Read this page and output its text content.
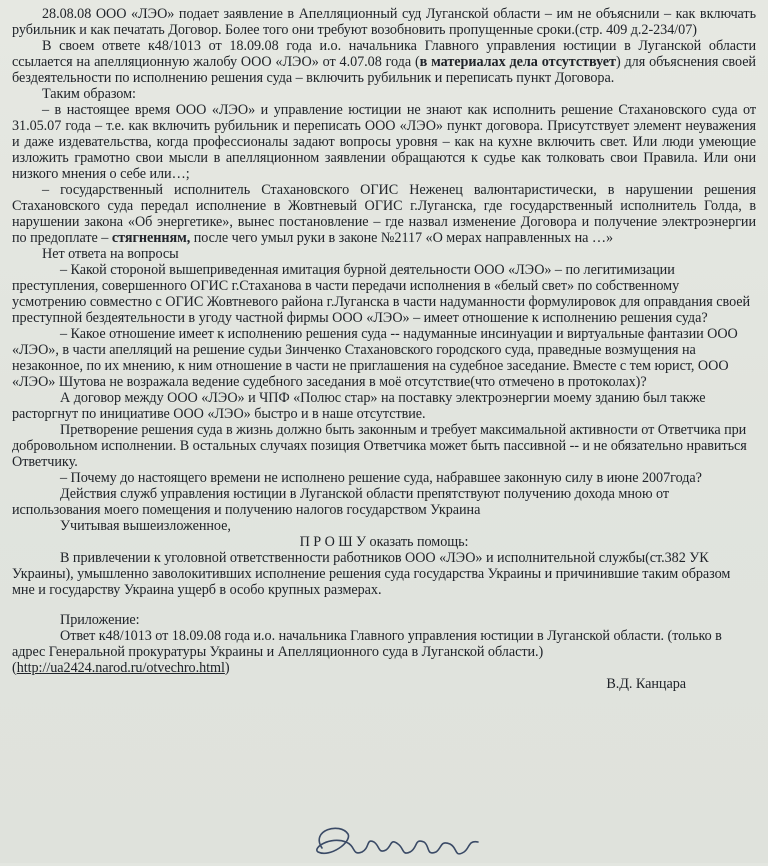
28.08.08 ООО «ЛЭО» подает заявление в Апелляционный суд Луганской области – им не объяснили – как включать рубильник и как печатать Договор. Более того они требуют возобновить пропущенные сроки.(стр. 409 д.2-234/07)

В своем ответе к48/1013 от 18.09.08 года и.о. начальника Главного управления юстиции в Луганской области ссылается на апелляционную жалобу ООО «ЛЭО» от 4.07.08 года (в материалах дела отсутствует) для объяснения своей бездеятельности по исполнению решения суда – включить рубильник и переписать пункт Договора.

Таким образом:

– в настоящее время ООО «ЛЭО» и управление юстиции не знают как исполнить решение Стахановского суда от 31.05.07 года – т.е. как включить рубильник и переписать ООО «ЛЭО» пункт договора. Присутствует элемент неуважения и даже издевательства, когда профессионалы задают вопросы уровня – как на кухне включить свет. Или люди умеющие изложить грамотно свои мысли в апелляционном заявлении обращаются к судье как толковать свои Правила. Или они низкого мнения о себе или…;

– государственный исполнитель Стахановского ОГИС Неженец валюнтаристически, в нарушении решения Стахановского суда передал исполнение в Жовтневый ОГИС г.Луганска, где государственный исполнитель Голда, в нарушении закона «Об энергетике», вынес постановление – где назвал изменение Договора и получение электроэнергии по предоплате – стягненням, после чего умыл руки в законе №2117 «О мерах направленных на …»

Нет ответа на вопросы

– Какой стороной вышеприведенная имитация бурной деятельности ООО «ЛЭО» – по легитимизации преступления, совершенного ОГИС г.Стаханова в части передачи исполнения в «белый свет» по собственному усмотрению совместно с ОГИС Жовтневого района г.Луганска в части надуманности формулировок для оправдания своей преступной бездеятельности в угоду частной фирмы ООО «ЛЭО» – имеет отношение к исполнению решения суда?

– Какое отношение имеет к исполнению решения суда -- надуманные инсинуации и виртуальные фантазии ООО «ЛЭО», в части апелляций на решение судьи Зинченко Стахановского городского суда, праведные возмущения на незаконное, по их мнению, к ним отношение в части не приглашения на судебное заседание. Вместе с тем юрист, ООО «ЛЭО» Шутова не возражала ведение судебного заседания в моё отсутствие(что отмечено в протоколах)?

А договор между ООО «ЛЭО» и ЧПФ «Полюс стар» на поставку электроэнергии моему зданию был также расторгнут по инициативе ООО «ЛЭО» быстро и в наше отсутствие.

Претворение решения суда в жизнь должно быть законным и требует максимальной активности от Ответчика при добровольном исполнении. В остальных случаях позиция Ответчика может быть пассивной -- и не обязательно нравиться Ответчику.

– Почему до настоящего времени не исполнено решение суда, набравшее законную силу в июне 2007года?

Действия служб управления юстиции в Луганской области препятствуют получению дохода мною от использования моего помещения и получению налогов государством Украина

Учитывая вышеизложенное,

П Р О Ш У оказать помощь:

В привлечении к уголовной ответственности работников ООО «ЛЭО» и исполнительной службы(ст.382 УК Украины), умышленно заволокитивших исполнение решения суда государства Украины и причинившие таким образом мне и государству Украина ущерб в особо крупных размерах.

Приложение:

Ответ к48/1013 от 18.09.08 года и.о. начальника Главного управления юстиции в Луганской области. (только в адрес Генеральной прокуратуры Украины и Апелляционного суда в Луганской области.) (http://ua2424.narod.ru/otvechro.html)

В.Д. Канцара
